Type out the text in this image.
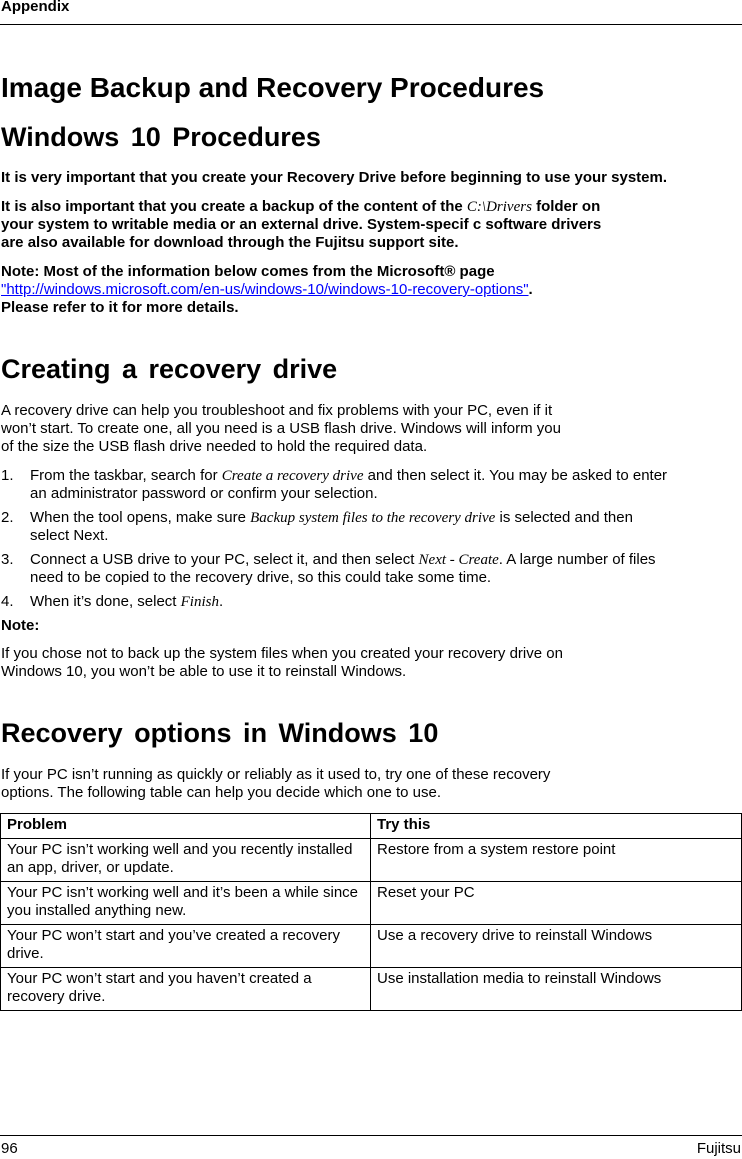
Appendix
Image Backup and Recovery Procedures
Windows 10 Procedures
It is very important that you create your Recovery Drive before beginning to use your system.
It is also important that you create a backup of the content of the C:\Drivers folder on
your system to writable media or an external drive. System-specif c software drivers
are also available for download through the Fujitsu support site.
Note: Most of the information below comes from the Microsoft® page
"http://windows.microsoft.com/en-us/windows-10/windows-10-recovery-options".
Please refer to it for more details.
Creating a recovery drive
A recovery drive can help you troubleshoot and fix problems with your PC, even if it
won’t start. To create one, all you need is a USB flash drive. Windows will inform you
of the size the USB flash drive needed to hold the required data.
1. From the taskbar, search for Create a recovery drive and then select it. You may be asked to enter an administrator password or confirm your selection.
2. When the tool opens, make sure Backup system files to the recovery drive is selected and then select Next.
3. Connect a USB drive to your PC, select it, and then select Next - Create. A large number of files need to be copied to the recovery drive, so this could take some time.
4. When it’s done, select Finish.
Note:
If you chose not to back up the system files when you created your recovery drive on
Windows 10, you won’t be able to use it to reinstall Windows.
Recovery options in Windows 10
If your PC isn’t running as quickly or reliably as it used to, try one of these recovery
options. The following table can help you decide which one to use.
Problem	Try this
Your PC isn’t working well and you recently installed an app, driver, or update.	Restore from a system restore point
Your PC isn’t working well and it’s been a while since you installed anything new.	Reset your PC
Your PC won’t start and you’ve created a recovery drive.	Use a recovery drive to reinstall Windows
Your PC won’t start and you haven’t created a recovery drive.	Use installation media to reinstall Windows
96	Fujitsu
